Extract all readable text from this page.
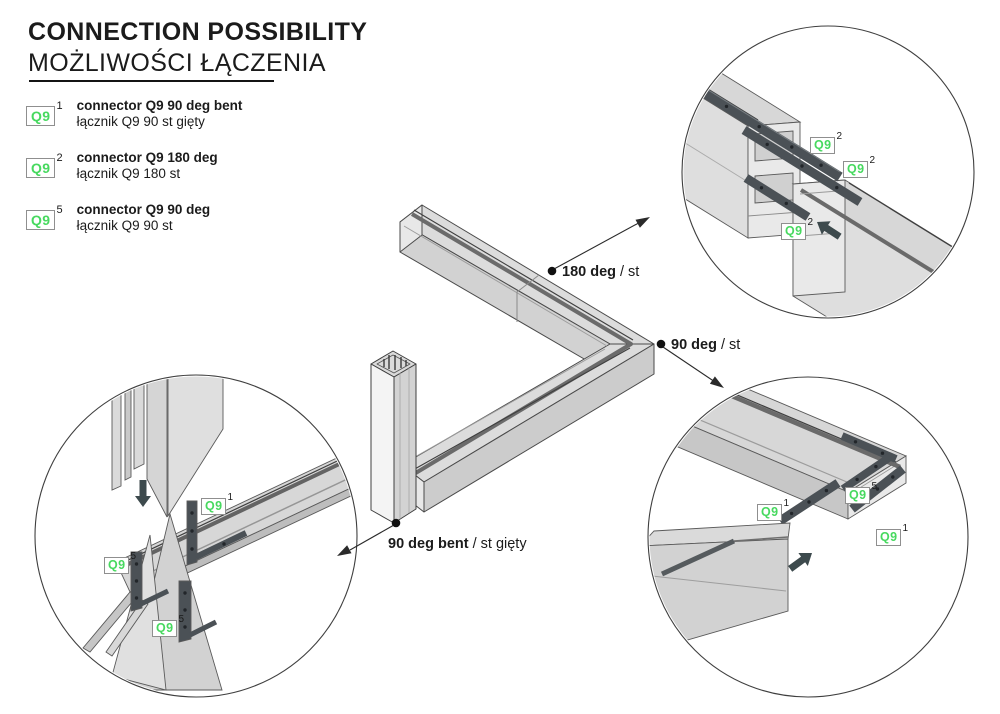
CONNECTION POSSIBILITY
MOŻLIWOŚCI ŁĄCZENIA
$Q9^1$ connector Q9 90 deg bent
łącznik Q9 90 st gięty
$Q9^2$ connector Q9 180 deg
łącznik Q9 180 st
$Q9^5$ connector Q9 90 deg
łącznik Q9 90 st
180 deg / st
90 deg / st
90 deg bent / st gięty
$Q9^2$
$Q9^2$
$Q9^2$
$Q9^1$
$Q9^5$
$Q9^1$
$Q9^1$
$Q9^5$
$Q9^5$
